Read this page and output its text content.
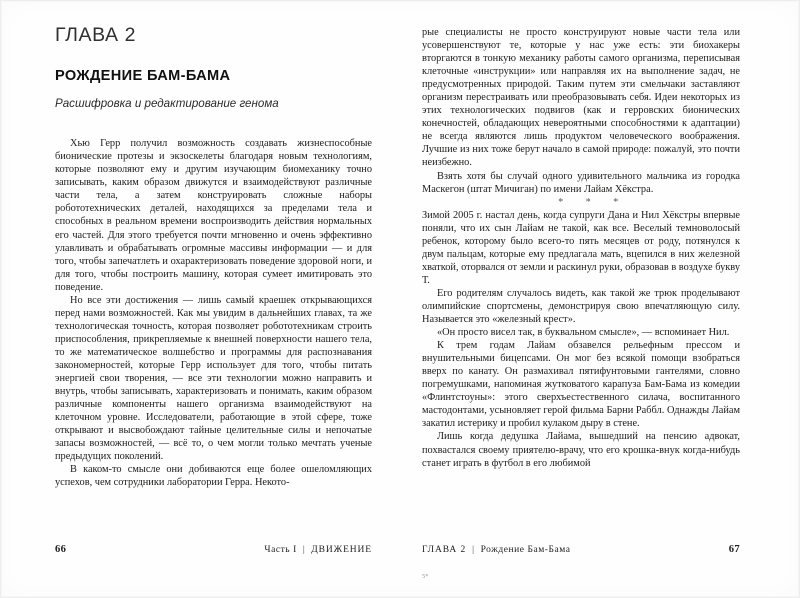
ГЛАВА 2
РОЖДЕНИЕ БАМ-БАМА
Расшифровка и редактирование генома

Хью Герр получил возможность создавать жизнеспособные бионические протезы и экзоскелеты благодаря новым технологиям, которые позволяют ему и другим изучающим биомеханику точно записывать, каким образом движутся и взаимодействуют различные части тела, а затем конструировать сложные наборы робототехнических деталей, находящихся за пределами тела и способных в реальном времени воспроизводить действия нормальных его частей. Для этого требуется почти мгновенно и очень эффективно улавливать и обрабатывать огромные массивы информации — и для того, чтобы запечатлеть и охарактеризовать поведение здоровой ноги, и для того, чтобы построить машину, которая сумеет имитировать это поведение.

Но все эти достижения — лишь самый краешек открывающихся перед нами возможностей. Как мы увидим в дальнейших главах, та же технологическая точность, которая позволяет робототехникам строить приспособления, прикрепляемые к внешней поверхности нашего тела, то же математическое волшебство и программы для распознавания закономерностей, которые Герр использует для того, чтобы питать энергией свои творения, — все эти технологии можно направить и внутрь, чтобы записывать, характеризовать и понимать, каким образом различные компоненты нашего организма взаимодействуют на клеточном уровне. Исследователи, работающие в этой сфере, тоже открывают и высвобождают тайные целительные силы и непочатые запасы возможностей, — всё то, о чем могли только мечтать ученые предыдущих поколений.

В каком-то смысле они добиваются еще более ошеломляющих успехов, чем сотрудники лаборатории Герра. Некото-

66	Часть I | ДВИЖЕНИЕ

рые специалисты не просто конструируют новые части тела или усовершенствуют те, которые у нас уже есть: эти биохакеры вторгаются в тонкую механику работы самого организма, переписывая клеточные «инструкции» или направляя их на выполнение задач, не предусмотренных природой. Таким путем эти смельчаки заставляют организм перестраивать или преобразовывать себя. Идеи некоторых из этих технологических подвигов (как и герровских бионических конечностей, обладающих невероятными способностями к адаптации) не всегда являются лишь продуктом человеческого воображения. Лучшие из них тоже берут начало в самой природе: пожалуй, это почти неизбежно.

Взять хотя бы случай одного удивительного мальчика из городка Маскегон (штат Мичиган) по имени Лайам Хёкстра.

* * *

Зимой 2005 г. настал день, когда супруги Дана и Нил Хёкстры впервые поняли, что их сын Лайам не такой, как все. Веселый темноволосый ребенок, которому было всего-то пять месяцев от роду, потянулся к двум пальцам, которые ему предлагала мать, вцепился в них железной хваткой, оторвался от земли и раскинул руки, образовав в воздухе букву Т.

Его родителям случалось видеть, как такой же трюк проделывают олимпийские спортсмены, демонстрируя свою впечатляющую силу. Называется это «железный крест».

«Он просто висел так, в буквальном смысле», — вспоминает Нил.

К трем годам Лайам обзавелся рельефным прессом и внушительными бицепсами. Он мог без всякой помощи взобраться вверх по канату. Он размахивал пятифунтовыми гантелями, словно погремушками, напоминая жутковатого карапуза Бам-Бама из комедии «Флинтстоуны»: этого сверхъестественного силача, воспитанного мастодонтами, усыновляет герой фильма Барни Раббл. Однажды Лайам закатил истерику и пробил кулаком дыру в стене.

Лишь когда дедушка Лайама, вышедший на пенсию адвокат, похвастался своему приятелю-врачу, что его крошка-внук когда-нибудь станет играть в футбол в его любимой

ГЛАВА 2 | Рождение Бам-Бама	67
5*
